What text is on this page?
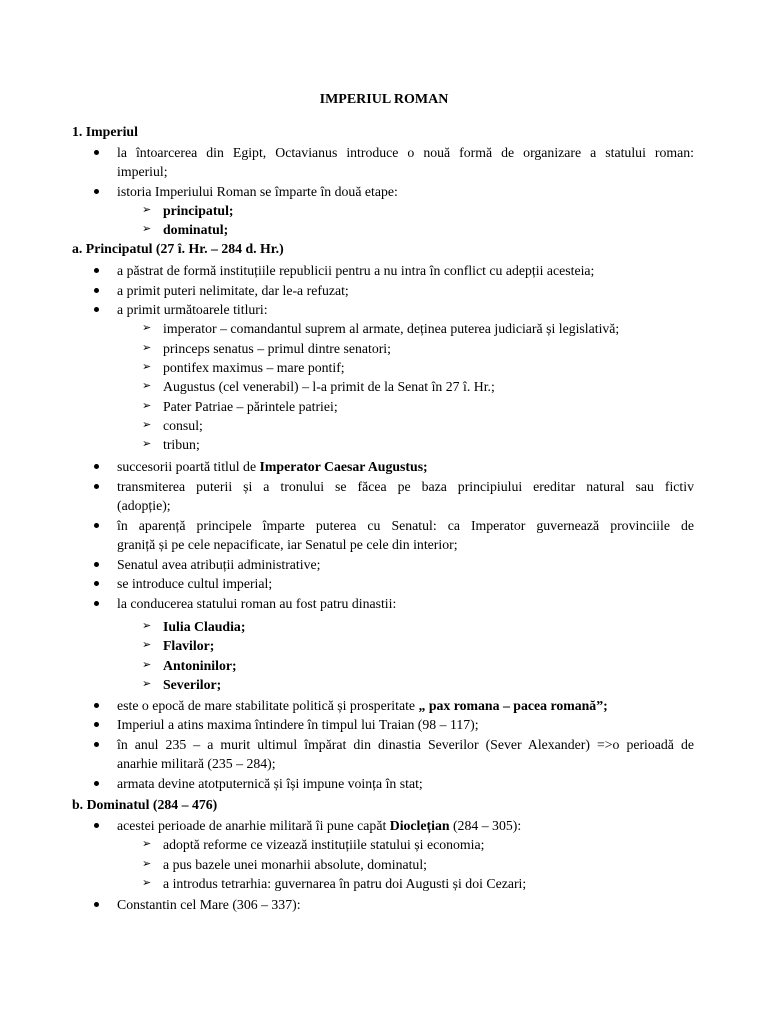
IMPERIUL ROMAN
1. Imperiul
la întoarcerea din Egipt, Octavianus introduce o nouă formă de organizare a statului roman:
imperiul;
istoria Imperiului Roman se împarte în două etape:
➢ principatul;
➢ dominatul;
a. Principatul (27 î. Hr. – 284 d. Hr.)
a păstrat de formă instituțiile republicii pentru a nu intra în conflict cu adepții acesteia;
a primit puteri nelimitate, dar le-a refuzat;
a primit următoarele titluri:
➢ imperator – comandantul suprem al armate, deținea puterea judiciară și legislativă;
➢ princeps senatus – primul dintre senatori;
➢ pontifex maximus – mare pontif;
➢ Augustus (cel venerabil) – l-a primit de la Senat în 27 î. Hr.;
➢ Pater Patriae – părintele patriei;
➢ consul;
➢ tribun;
succesorii poartă titlul de Imperator Caesar Augustus;
transmiterea puterii și a tronului se făcea pe baza principiului ereditar natural sau fictiv
(adopție);
în aparență principele împarte puterea cu Senatul: ca Imperator guvernează provinciile de
graniță și pe cele nepacificate, iar Senatul pe cele din interior;
Senatul avea atribuții administrative;
se introduce cultul imperial;
la conducerea statului roman au fost patru dinastii:
➢ Iulia Claudia;
➢ Flavilor;
➢ Antoninilor;
➢ Severilor;
este o epocă de mare stabilitate politică și prosperitate „ pax romana – pacea romană”;
Imperiul a atins maxima întindere în timpul lui Traian (98 – 117);
în anul 235 – a murit ultimul împărat din dinastia Severilor (Sever Alexander) =>o perioadă de
anarhie militară (235 – 284);
armata devine atotputernică și își impune voința în stat;
b. Dominatul (284 – 476)
acestei perioade de anarhie militară îi pune capăt Dioclețian (284 – 305):
➢ adoptă reforme ce vizează instituțiile statului și economia;
➢ a pus bazele unei monarhii absolute, dominatul;
➢ a introdus tetrarhia: guvernarea în patru doi Augusti și doi Cezari;
Constantin cel Mare (306 – 337):
